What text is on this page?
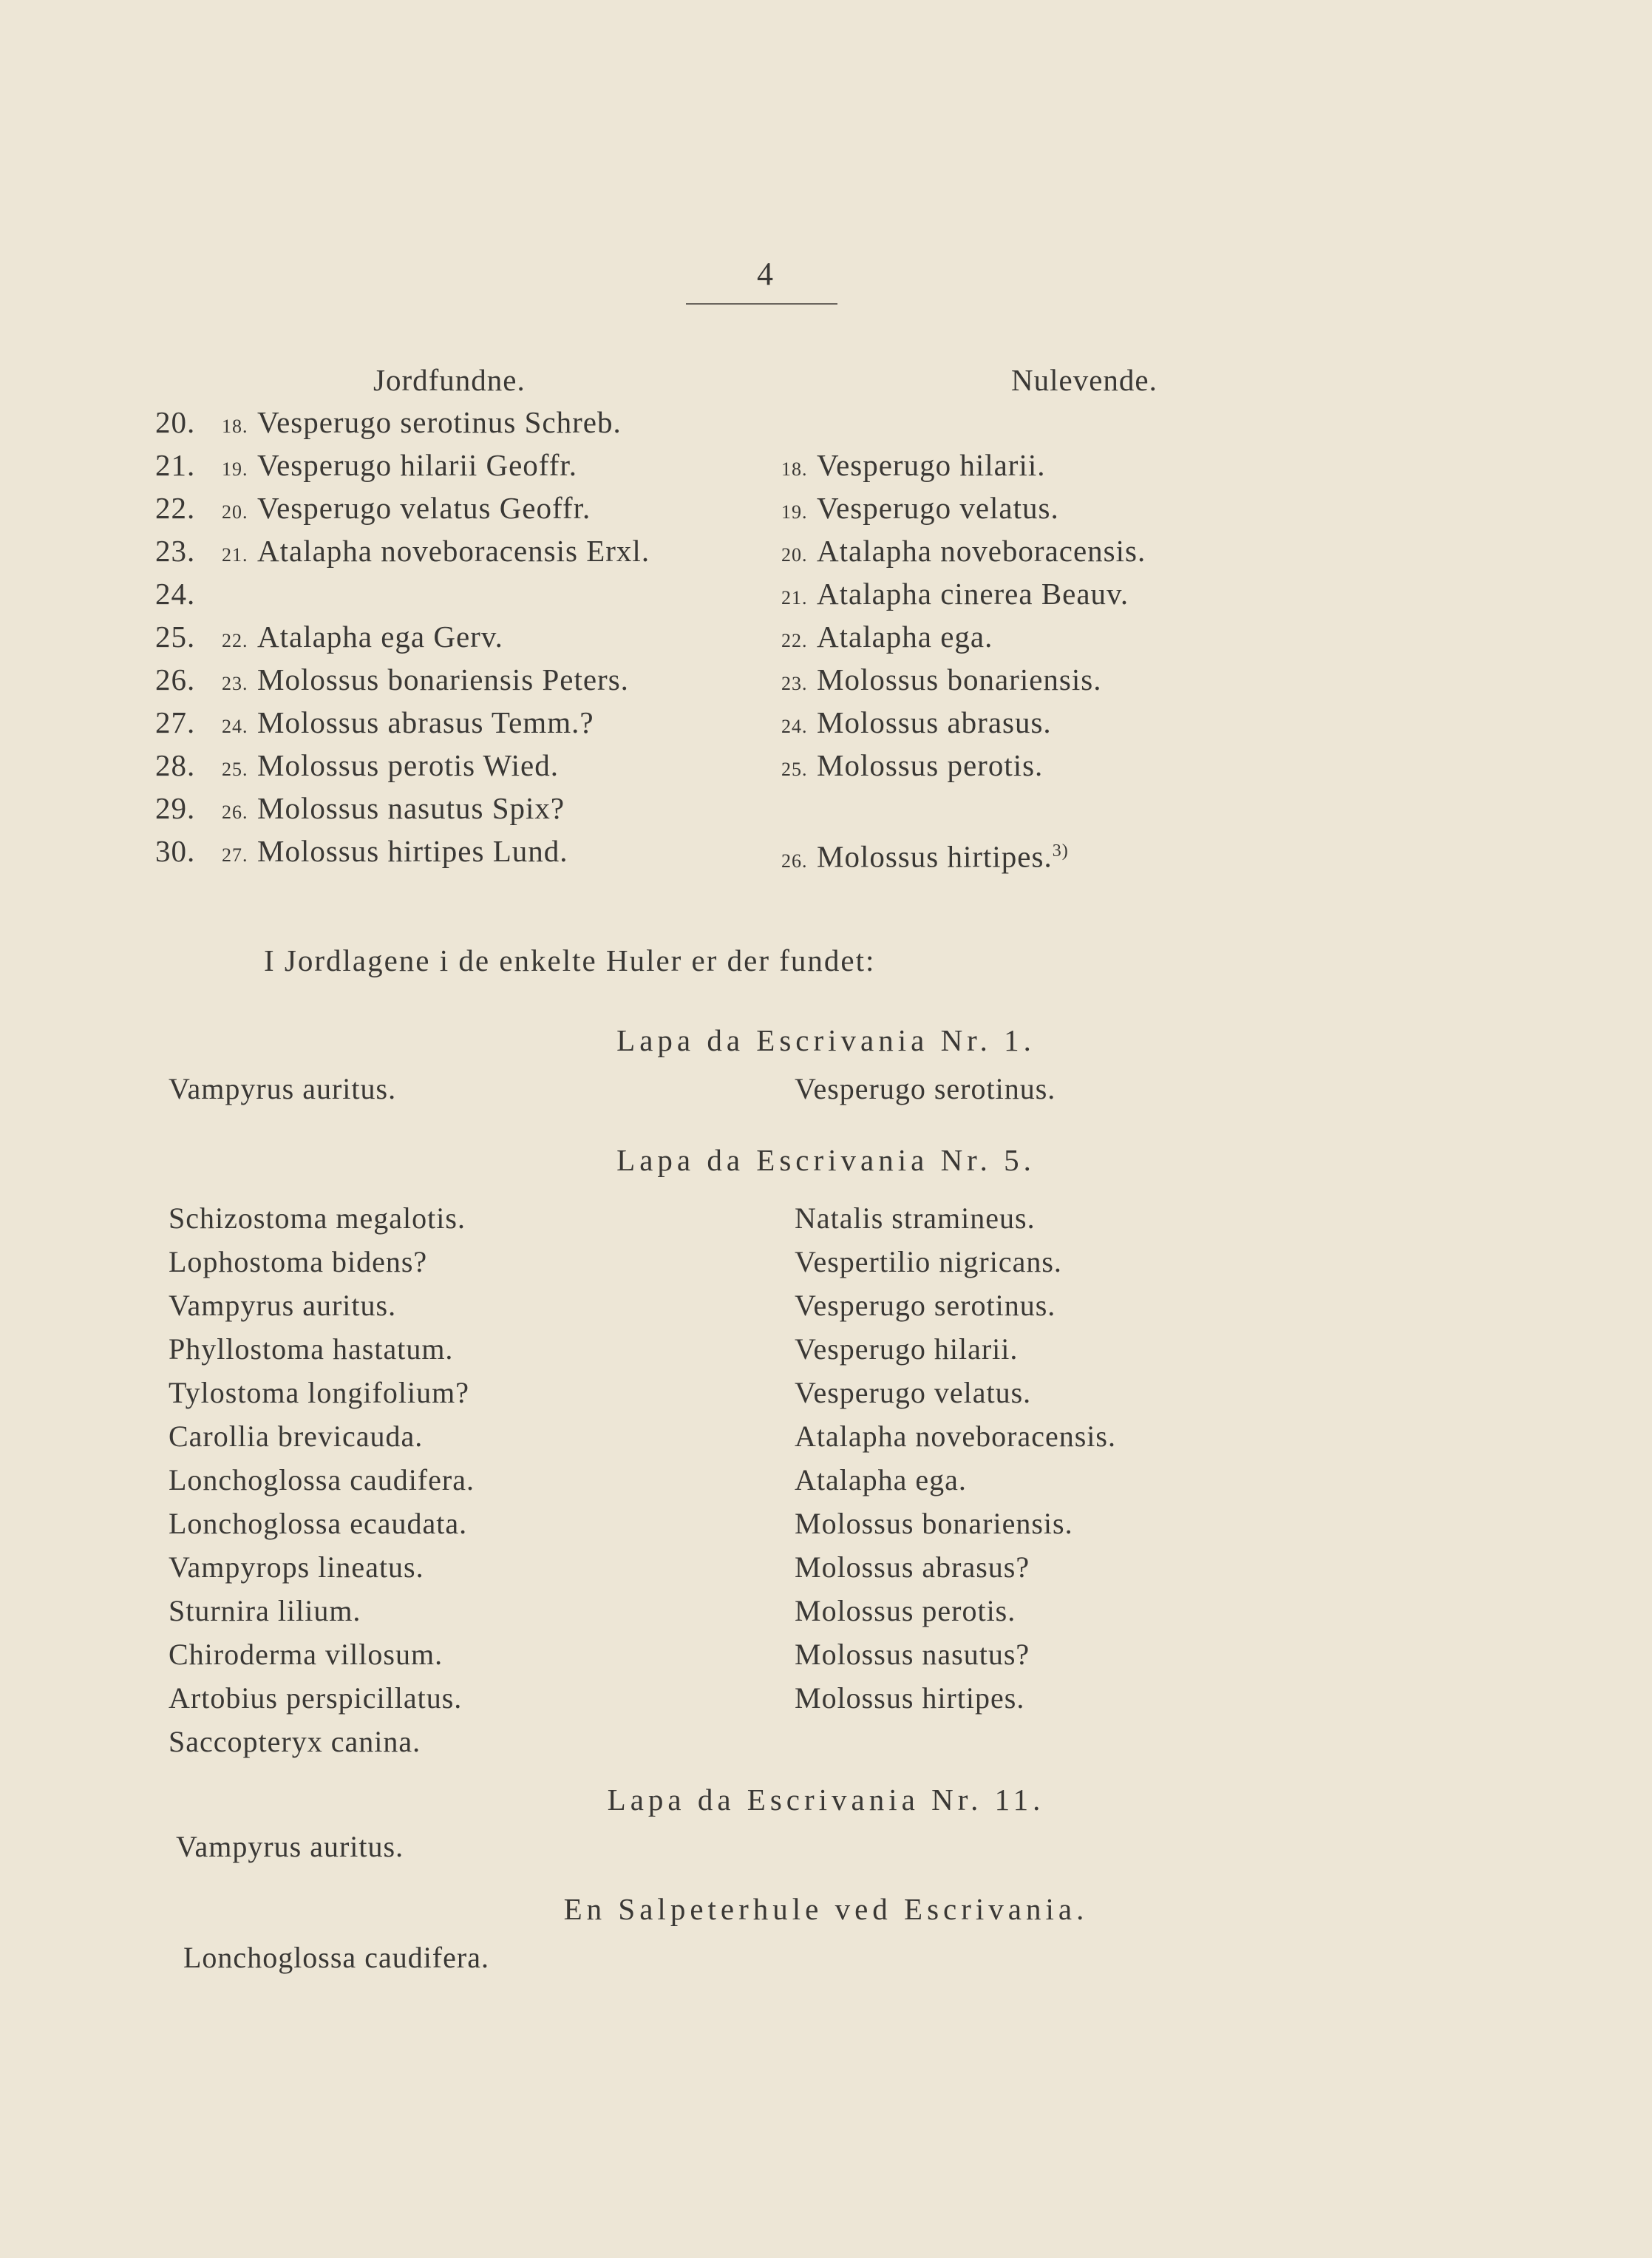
4
Jordfundne.	Nulevende.
20. 18. Vesperugo serotinus Schreb.
21. 19. Vesperugo hilarii Geoffr.
22. 20. Vesperugo velatus Geoffr.
23. 21. Atalapha noveboracensis Erxl.
24.
25. 22. Atalapha ega Gerv.
26. 23. Molossus bonariensis Peters.
27. 24. Molossus abrasus Temm.?
28. 25. Molossus perotis Wied.
29. 26. Molossus nasutus Spix?
30. 27. Molossus hirtipes Lund.
18. Vesperugo hilarii.
19. Vesperugo velatus.
20. Atalapha noveboracensis.
21. Atalapha cinerea Beauv.
22. Atalapha ega.
23. Molossus bonariensis.
24. Molossus abrasus.
25. Molossus perotis.
26. Molossus hirtipes.$^{3)}$
I Jordlagene i de enkelte Huler er der fundet:
Lapa da Escrivania Nr. 1.
Vampyrus auritus.	Vesperugo serotinus.
Lapa da Escrivania Nr. 5.
Schizostoma megalotis.
Lophostoma bidens?
Vampyrus auritus.
Phyllostoma hastatum.
Tylostoma longifolium?
Carollia brevicauda.
Lonchoglossa caudifera.
Lonchoglossa ecaudata.
Vampyrops lineatus.
Sturnira lilium.
Chiroderma villosum.
Artobius perspicillatus.
Saccopteryx canina.
Natalis stramineus.
Vespertilio nigricans.
Vesperugo serotinus.
Vesperugo hilarii.
Vesperugo velatus.
Atalapha noveboracensis.
Atalapha ega.
Molossus bonariensis.
Molossus abrasus?
Molossus perotis.
Molossus nasutus?
Molossus hirtipes.
Lapa da Escrivania Nr. 11.
Vampyrus auritus.
En Salpeterhule ved Escrivania.
Lonchoglossa caudifera.
